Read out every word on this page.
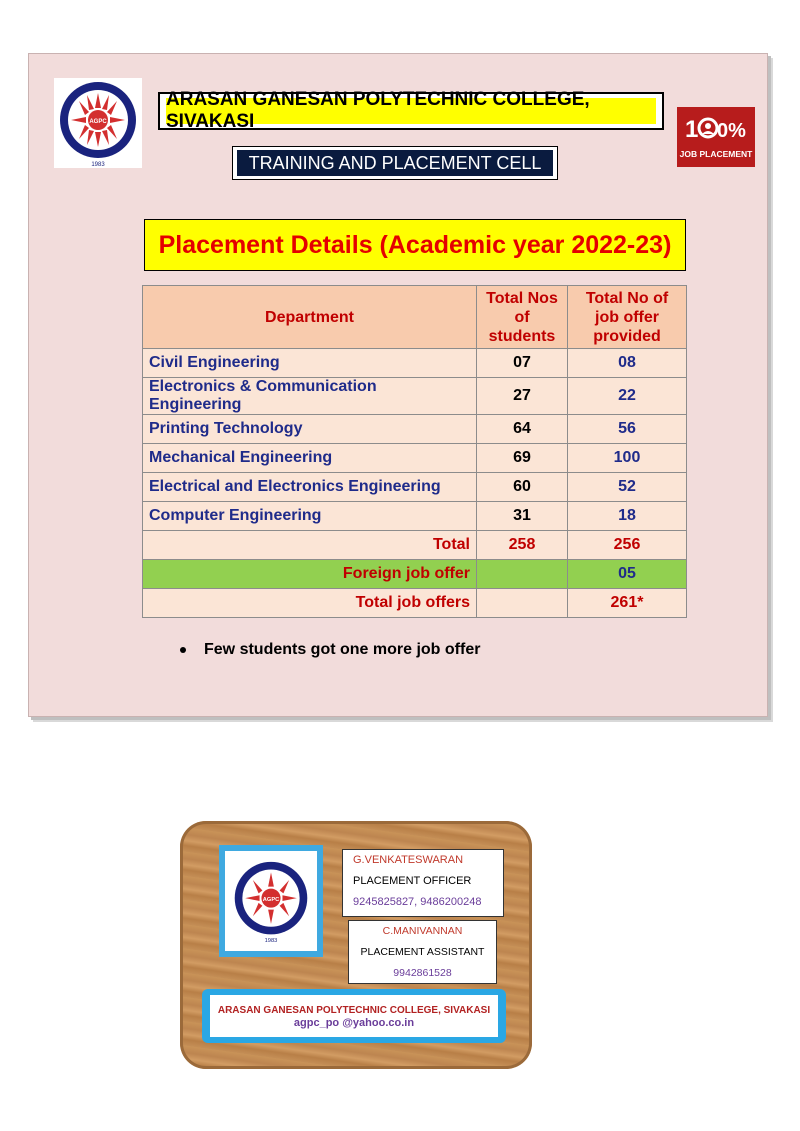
AGPC
1983
ARASAN GANESAN POLYTECHNIC COLLEGE, SIVAKASI
TRAINING AND PLACEMENT CELL
1 0%
JOB PLACEMENT
Placement Details (Academic year 2022-23)
Department	Total Nos of students	Total No of job offer provided
Civil Engineering	07	08
Electronics & Communication Engineering	27	22
Printing Technology	64	56
Mechanical Engineering	69	100
Electrical and Electronics Engineering	60	52
Computer Engineering	31	18
Total	258	256
Foreign job offer		05
Total job offers		261*
Few students got one more job offer
AGPC
1983
G.VENKATESWARAN
PLACEMENT OFFICER
9245825827, 9486200248
C.MANIVANNAN
PLACEMENT ASSISTANT
9942861528
ARASAN GANESAN POLYTECHNIC COLLEGE, SIVAKASI
agpc_po @yahoo.co.in
